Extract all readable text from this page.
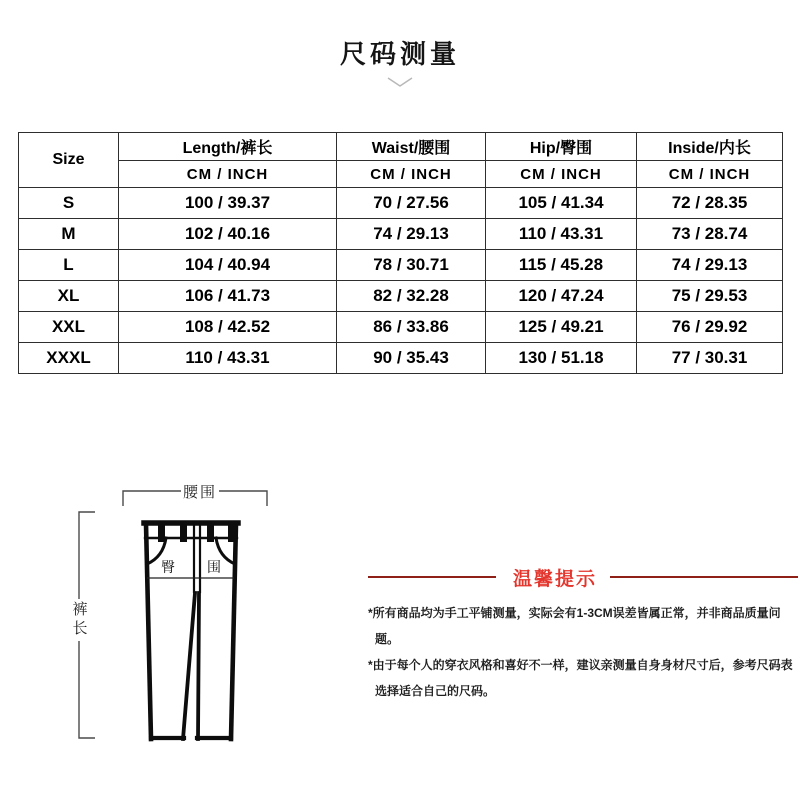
尺码测量
Size	Length/裤长	Waist/腰围	Hip/臀围	Inside/内长
	CM / INCH	CM / INCH	CM / INCH	CM / INCH
S	100 / 39.37	70 / 27.56	105 / 41.34	72 / 28.35
M	102 / 40.16	74 / 29.13	110 / 43.31	73 / 28.74
L	104 / 40.94	78 / 30.71	115 / 45.28	74 / 29.13
XL	106 / 41.73	82 / 32.28	120 / 47.24	75 / 29.53
XXL	108 / 42.52	86 / 33.86	125 / 49.21	76 / 29.92
XXXL	110 / 43.31	90 / 35.43	130 / 51.18	77 / 30.31
腰围
裤长
臀 围
温馨提示

*所有商品均为手工平铺测量，实际会有1-3CM误差皆属正常，并非商品质量问题。

*由于每个人的穿衣风格和喜好不一样，建议亲测量自身身材尺寸后，参考尺码表选择适合自己的尺码。
